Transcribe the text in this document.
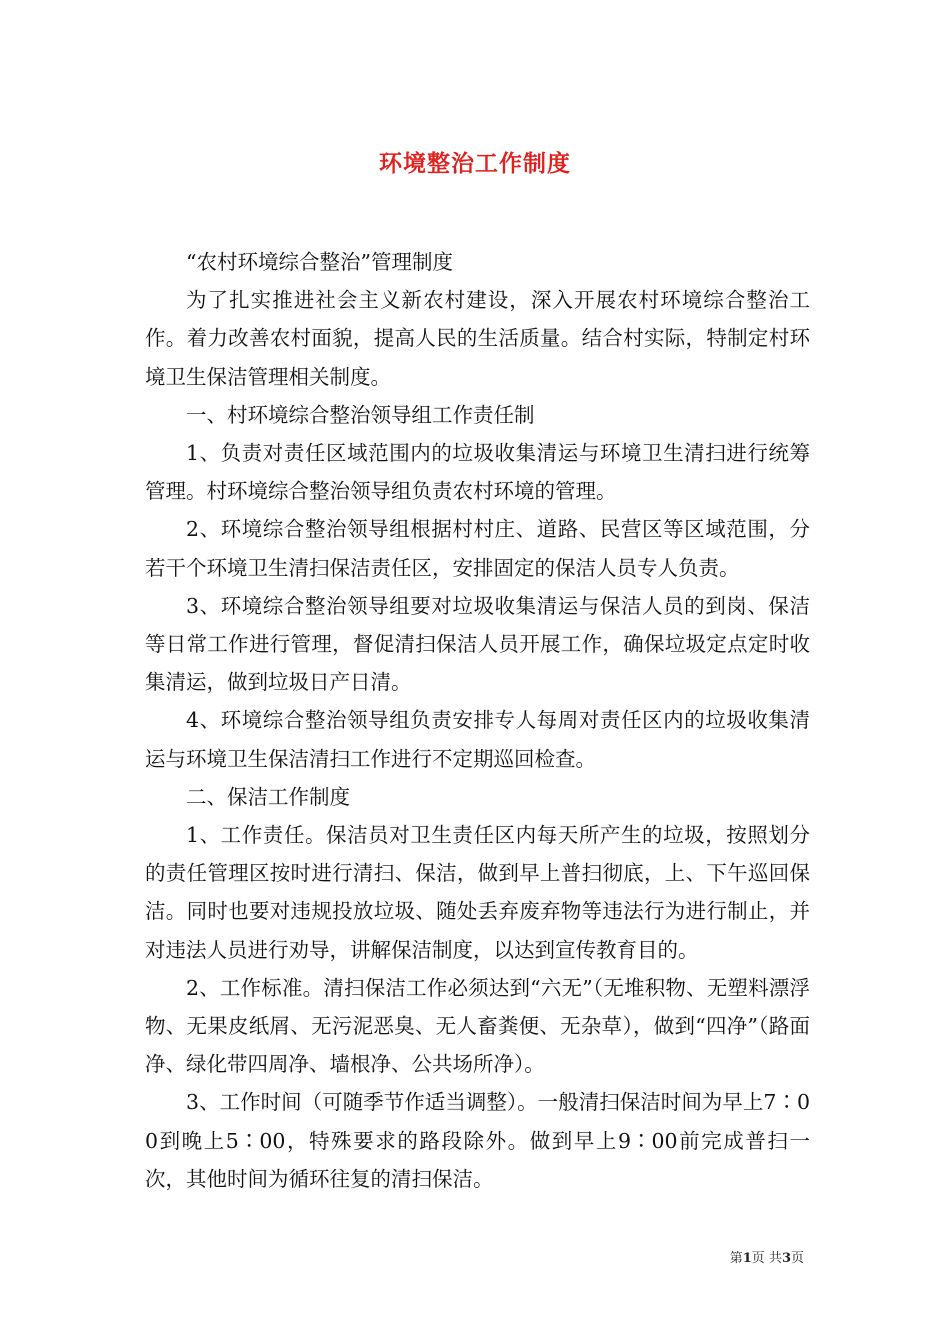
环境整治工作制度

“农村环境综合整治”管理制度

为了扎实推进社会主义新农村建设，深入开展农村环境综合整治工作。着力改善农村面貌，提高人民的生活质量。结合村实际，特制定村环境卫生保洁管理相关制度。

一、村环境综合整治领导组工作责任制

1、负责对责任区域范围内的垃圾收集清运与环境卫生清扫进行统筹管理。村环境综合整治领导组负责农村环境的管理。

2、环境综合整治领导组根据村村庄、道路、民营区等区域范围，分若干个环境卫生清扫保洁责任区，安排固定的保洁人员专人负责。

3、环境综合整治领导组要对垃圾收集清运与保洁人员的到岗、保洁等日常工作进行管理，督促清扫保洁人员开展工作，确保垃圾定点定时收集清运，做到垃圾日产日清。

4、环境综合整治领导组负责安排专人每周对责任区内的垃圾收集清运与环境卫生保洁清扫工作进行不定期巡回检查。

二、保洁工作制度

1、工作责任。保洁员对卫生责任区内每天所产生的垃圾，按照划分的责任管理区按时进行清扫、保洁，做到早上普扫彻底，上、下午巡回保洁。同时也要对违规投放垃圾、随处丢弃废弃物等违法行为进行制止，并对违法人员进行劝导，讲解保洁制度，以达到宣传教育目的。

2、工作标准。清扫保洁工作必须达到“六无”（无堆积物、无塑料漂浮物、无果皮纸屑、无污泥恶臭、无人畜粪便、无杂草），做到“四净”（路面净、绿化带四周净、墙根净、公共场所净）。

3、工作时间（可随季节作适当调整）。一般清扫保洁时间为早上7∶00到晚上5∶00，特殊要求的路段除外。做到早上9∶00前完成普扫一次，其他时间为循环往复的清扫保洁。

第1页 共3页
